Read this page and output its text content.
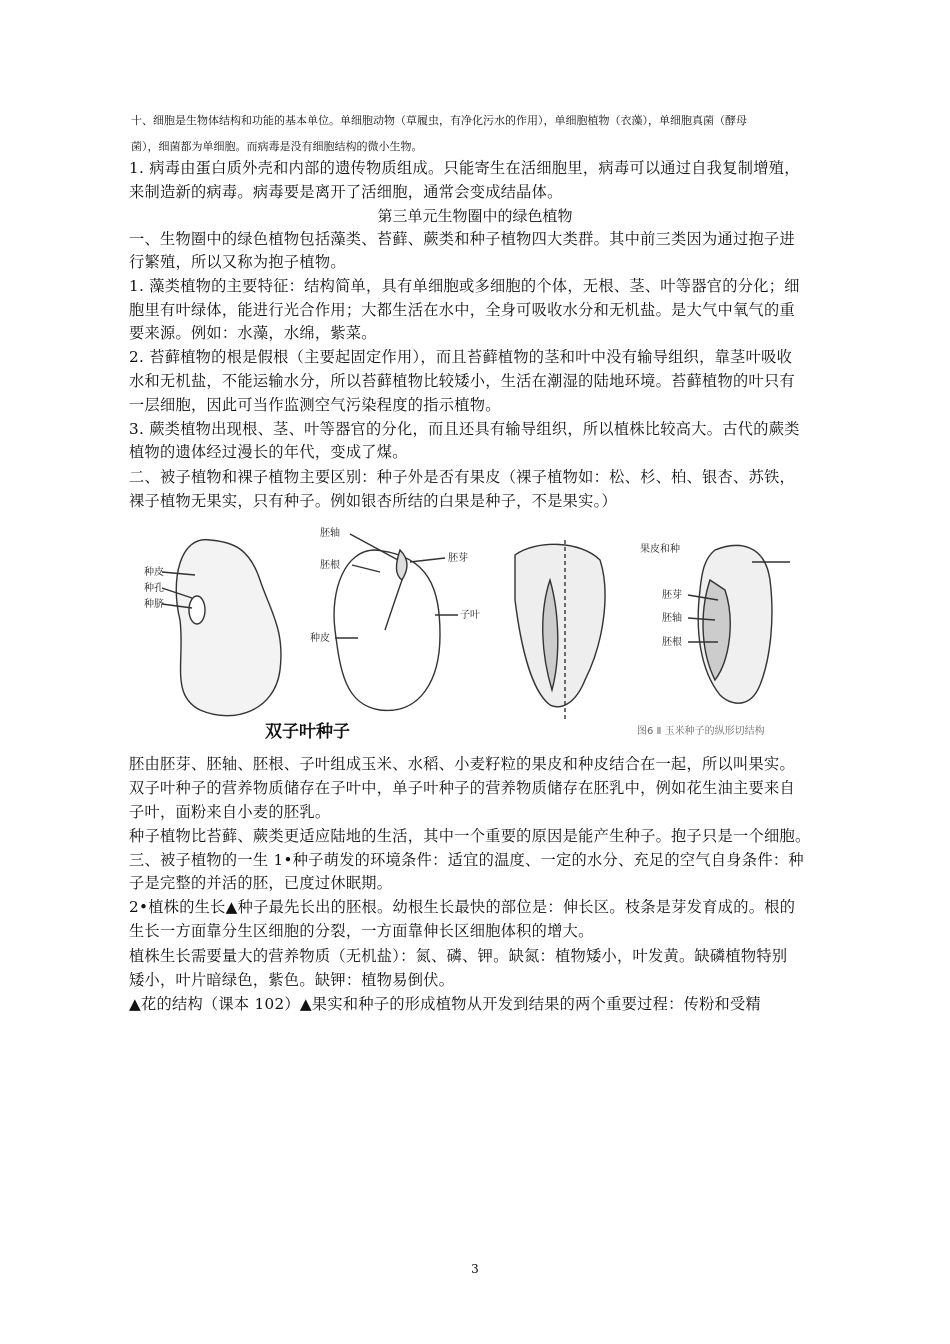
十、细胞是生物体结构和功能的基本单位。单细胞动物（草履虫，有净化污水的作用），单细胞植物（衣藻），单细胞真菌（酵母
菌），细菌都为单细胞。而病毒是没有细胞结构的微小生物。
1. 病毒由蛋白质外壳和内部的遗传物质组成。只能寄生在活细胞里，病毒可以通过自我复制增殖，
来制造新的病毒。病毒要是离开了活细胞，通常会变成结晶体。
第三单元生物圈中的绿色植物
一、生物圈中的绿色植物包括藻类、苔藓、蕨类和种子植物四大类群。其中前三类因为通过抱子进
行繁殖，所以又称为抱子植物。
1. 藻类植物的主要特征：结构简单，具有单细胞或多细胞的个体，无根、茎、叶等器官的分化；细
胞里有叶绿体，能进行光合作用；大都生活在水中，全身可吸收水分和无机盐。是大气中氧气的重
要来源。例如：水藻，水绵，紫菜。
2. 苔藓植物的根是假根（主要起固定作用），而且苔藓植物的茎和叶中没有输导组织，靠茎叶吸收
水和无机盐，不能运输水分，所以苔藓植物比较矮小，生活在潮湿的陆地环境。苔藓植物的叶只有
一层细胞，因此可当作监测空气污染程度的指示植物。
3. 蕨类植物出现根、茎、叶等器官的分化，而且还具有输导组织，所以植株比较高大。古代的蕨类
植物的遗体经过漫长的年代，变成了煤。
二、被子植物和裸子植物主要区别：种子外是否有果皮（裸子植物如：松、杉、柏、银杏、苏铁，
裸子植物无果实，只有种子。例如银杏所结的白果是种子，不是果实。）
种皮
种孔
种脐
胚轴
胚根
种皮
胚芽
子叶
果皮和种
胚芽
胚轴
胚根
双子叶种子	图6 Ⅱ 玉米种子的纵形切结构
胚由胚芽、胚轴、胚根、子叶组成玉米、水稻、小麦籽粒的果皮和种皮结合在一起，所以叫果实。
双子叶种子的营养物质储存在子叶中，单子叶种子的营养物质储存在胚乳中，例如花生油主要来自
子叶，面粉来自小麦的胚乳。
种子植物比苔藓、蕨类更适应陆地的生活，其中一个重要的原因是能产生种子。抱子只是一个细胞。
三、被子植物的一生 1•种子萌发的环境条件：适宜的温度、一定的水分、充足的空气自身条件：种
子是完整的并活的胚，已度过休眠期。
2•植株的生长▲种子最先长出的胚根。幼根生长最快的部位是：伸长区。枝条是芽发育成的。根的
生长一方面靠分生区细胞的分裂，一方面靠伸长区细胞体积的增大。
植株生长需要量大的营养物质（无机盐）：氮、磷、钾。缺氮：植物矮小，叶发黄。缺磷植物特别
矮小，叶片暗绿色，紫色。缺钾：植物易倒伏。
▲花的结构（课本 102）▲果实和种子的形成植物从开发到结果的两个重要过程：传粉和受精
3
